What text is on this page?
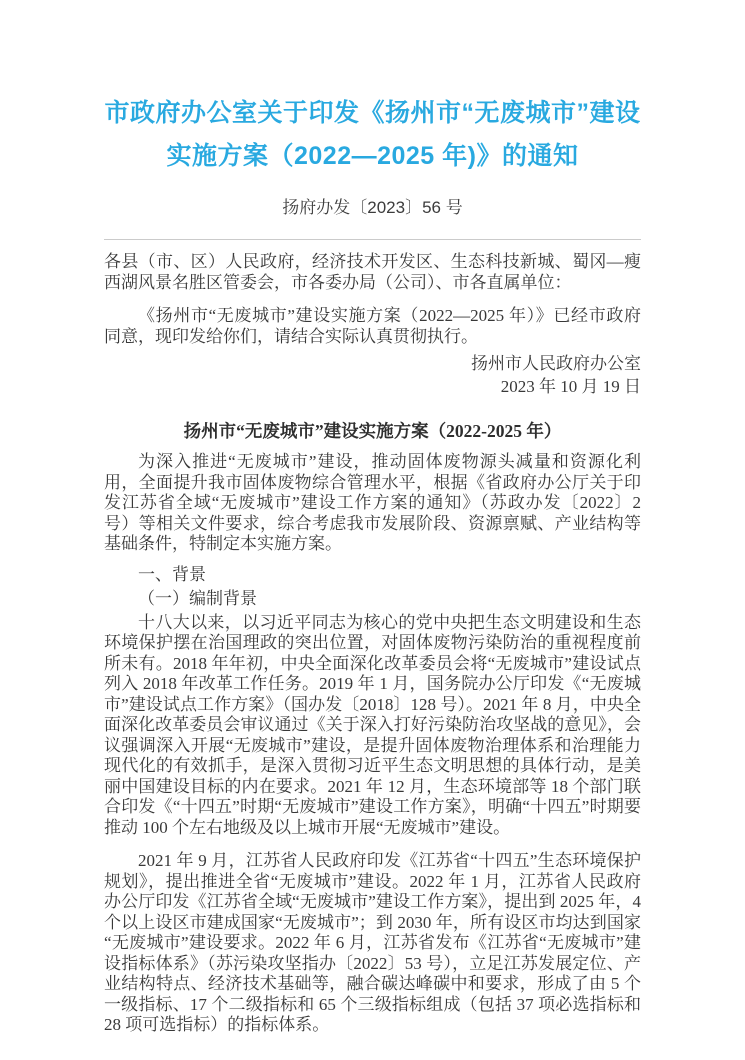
市政府办公室关于印发《扬州市“无废城市”建设实施方案（2022—2025 年)》的通知
扬府办发〔2023〕56 号

各县（市、区）人民政府，经济技术开发区、生态科技新城、蜀冈—瘦西湖风景名胜区管委会，市各委办局（公司）、市各直属单位：

《扬州市“无废城市”建设实施方案（2022—2025 年）》已经市政府同意，现印发给你们，请结合实际认真贯彻执行。

扬州市人民政府办公室

2023 年 10 月 19 日

扬州市“无废城市”建设实施方案（2022-2025 年）

为深入推进“无废城市”建设，推动固体废物源头减量和资源化利用，全面提升我市固体废物综合管理水平，根据《省政府办公厅关于印发江苏省全域“无废城市”建设工作方案的通知》（苏政办发〔2022〕2 号）等相关文件要求，综合考虑我市发展阶段、资源禀赋、产业结构等基础条件，特制定本实施方案。

一、背景

（一）编制背景

十八大以来，以习近平同志为核心的党中央把生态文明建设和生态环境保护摆在治国理政的突出位置，对固体废物污染防治的重视程度前所未有。2018 年年初，中央全面深化改革委员会将“无废城市”建设试点列入 2018 年改革工作任务。2019 年 1 月，国务院办公厅印发《“无废城市”建设试点工作方案》（国办发〔2018〕128 号）。2021 年 8 月，中央全面深化改革委员会审议通过《关于深入打好污染防治攻坚战的意见》，会议强调深入开展“无废城市”建设，是提升固体废物治理体系和治理能力现代化的有效抓手，是深入贯彻习近平生态文明思想的具体行动，是美丽中国建设目标的内在要求。2021 年 12 月，生态环境部等 18 个部门联合印发《“十四五”时期“无废城市”建设工作方案》，明确“十四五”时期要推动 100 个左右地级及以上城市开展“无废城市”建设。

2021 年 9 月，江苏省人民政府印发《江苏省“十四五”生态环境保护规划》，提出推进全省“无废城市”建设。2022 年 1 月，江苏省人民政府办公厅印发《江苏省全域“无废城市”建设工作方案》，提出到 2025 年，4 个以上设区市建成国家“无废城市”；到 2030 年，所有设区市均达到国家“无废城市”建设要求。2022 年 6 月，江苏省发布《江苏省“无废城市”建设指标体系》（苏污染攻坚指办〔2022〕53 号），立足江苏发展定位、产业结构特点、经济技术基础等，融合碳达峰碳中和要求，形成了由 5 个一级指标、17 个二级指标和 65 个三级指标组成（包括 37 项必选指标和 28 项可选指标）的指标体系。
